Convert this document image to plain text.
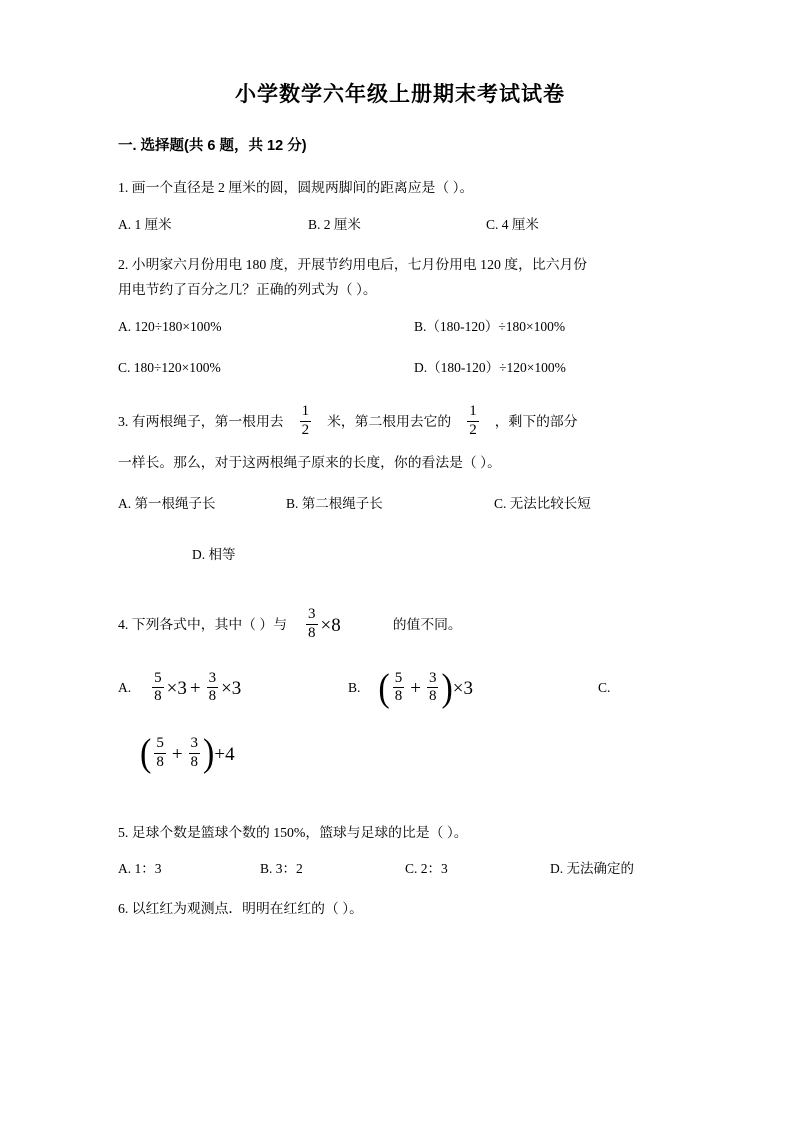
小学数学六年级上册期末考试试卷
一. 选择题(共 6 题，共 12 分)
1. 画一个直径是 2 厘米的圆，圆规两脚间的距离应是（ ）。
A. 1 厘米	B. 2 厘米	C. 4 厘米
2. 小明家六月份用电 180 度，开展节约用电后，七月份用电 120 度，比六月份
用电节约了百分之几？正确的列式为（ ）。
A. 120÷180×100%	B.（180-120）÷180×100%
C. 180÷120×100%	D.（180-120）÷120×100%
3. 有两根绳子，第一根用去 $\frac{1}{2}$ 米，第二根用去它的 $\frac{1}{2}$ ，剩下的部分
一样长。那么，对于这两根绳子原来的长度，你的看法是（ ）。
A. 第一根绳子长	B. 第二根绳子长	C. 无法比较长短
D. 相等
4. 下列各式中，其中（ ）与 $\frac{3}{8} \times 8$	的值不同。
A. $\frac{5}{8} \times 3 + \frac{3}{8} \times 3$	B. ( $\frac{5}{8} + \frac{3}{8}$ ) ×3	C.
( $\frac{5}{8} + \frac{3}{8}$ ) +4
5. 足球个数是篮球个数的 150%，篮球与足球的比是（ ）。
A. 1：3	B. 3：2	C. 2：3	D. 无法确定的
6. 以红红为观测点．明明在红红的（ ）。
